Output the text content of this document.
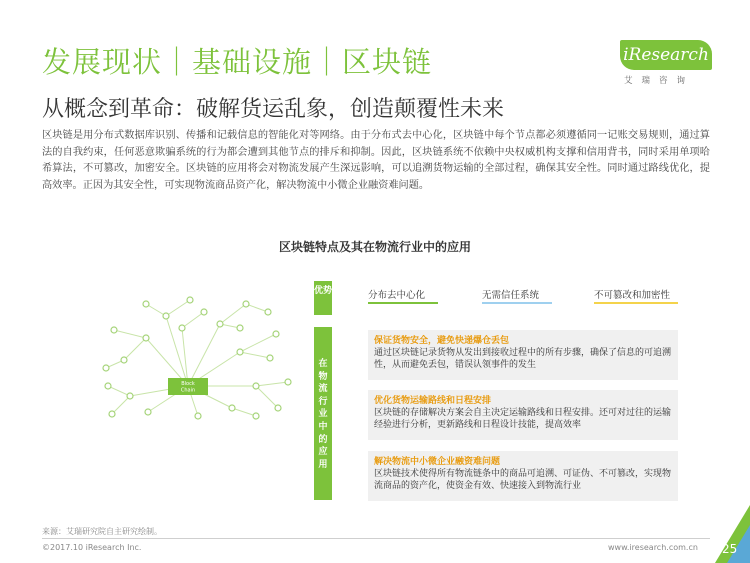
发展现状｜基础设施｜区块链	iResearch
艾瑞咨询
从概念到革命：破解货运乱象，创造颠覆性未来
区块链是用分布式数据库识别、传播和记载信息的智能化对等网络。由于分布式去中心化，区块链中每个节点都必须遵循同一记账交易规则，通过算法的自我约束，任何恶意欺骗系统的行为都会遭到其他节点的排斥和抑制。因此，区块链系统不依赖中央权威机构支撑和信用背书，同时采用单项哈希算法，不可篡改，加密安全。区块链的应用将会对物流发展产生深远影响，可以追溯货物运输的全部过程，确保其安全性。同时通过路线优化，提高效率。正因为其安全性，可实现物流商品资产化，解决物流中小微企业融资难问题。
区块链特点及其在物流行业中的应用
Block
Chain
优势	分布去中心化	无需信任系统	不可篡改和加密性
在物流行业中的应用
保证货物安全，避免快递爆仓丢包
通过区块链记录货物从发出到接收过程中的所有步骤，确保了信息的可追溯性，从而避免丢包，错误认领事件的发生
优化货物运输路线和日程安排
区块链的存储解决方案会自主决定运输路线和日程安排。还可对过往的运输经验进行分析，更新路线和日程设计技能，提高效率
解决物流中小微企业融资难问题
区块链技术使得所有物流链条中的商品可追溯、可证伪、不可篡改，实现物流商品的资产化，使资金有效、快速接入到物流行业
来源：艾瑞研究院自主研究绘制。
©2017.10 iResearch Inc.	www.iresearch.com.cn 25
